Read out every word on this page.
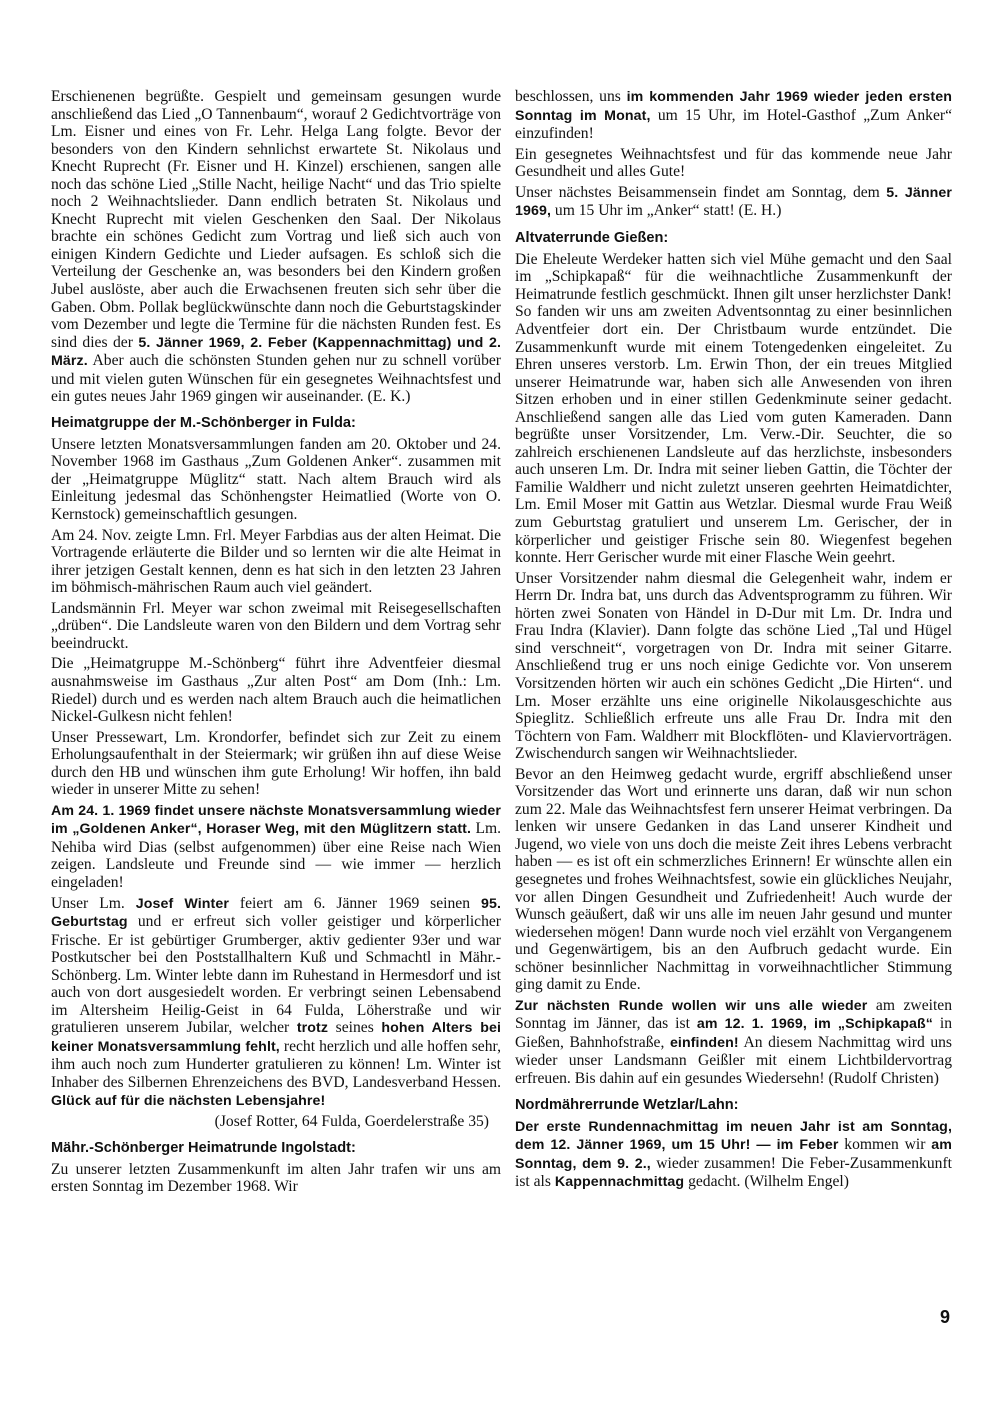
Erschienenen begrüßte. Gespielt und gemeinsam gesungen wurde anschließend das Lied „O Tannenbaum“, worauf 2 Gedichtvorträge von Lm. Eisner und eines von Fr. Lehr. Helga Lang folgte. Bevor der besonders von den Kindern sehnlichst erwartete St. Nikolaus und Knecht Ruprecht (Fr. Eisner und H. Kinzel) erschienen, sangen alle noch das schöne Lied „Stille Nacht, heilige Nacht“ und das Trio spielte noch 2 Weihnachtslieder. Dann endlich betraten St. Nikolaus und Knecht Ruprecht mit vielen Geschenken den Saal. Der Nikolaus brachte ein schönes Gedicht zum Vortrag und ließ sich auch von einigen Kindern Gedichte und Lieder aufsagen. Es schloß sich die Verteilung der Geschenke an, was besonders bei den Kindern großen Jubel auslöste, aber auch die Erwachsenen freuten sich sehr über die Gaben. Obm. Pollak beglückwünschte dann noch die Geburtstagskinder vom Dezember und legte die Termine für die nächsten Runden fest. Es sind dies der 5. Jänner 1969, 2. Feber (Kappennachmittag) und 2. März. Aber auch die schönsten Stunden gehen nur zu schnell vorüber und mit vielen guten Wünschen für ein gesegnetes Weihnachtsfest und ein gutes neues Jahr 1969 gingen wir auseinander. (E. K.)

Heimatgruppe der M.-Schönberger in Fulda:

Unsere letzten Monatsversammlungen fanden am 20. Oktober und 24. November 1968 im Gasthaus „Zum Goldenen Anker“. zusammen mit der „Heimatgruppe Müglitz“ statt. Nach altem Brauch wird als Einleitung jedesmal das Schönhengster Heimatlied (Worte von O. Kernstock) gemeinschaftlich gesungen.

Am 24. Nov. zeigte Lmn. Frl. Meyer Farbdias aus der alten Heimat. Die Vortragende erläuterte die Bilder und so lernten wir die alte Heimat in ihrer jetzigen Gestalt kennen, denn es hat sich in den letzten 23 Jahren im böhmisch-mährischen Raum auch viel geändert.

Landsmännin Frl. Meyer war schon zweimal mit Reisegesellschaften „drüben“. Die Landsleute waren von den Bildern und dem Vortrag sehr beeindruckt.

Die „Heimatgruppe M.-Schönberg“ führt ihre Adventfeier diesmal ausnahmsweise im Gasthaus „Zur alten Post“ am Dom (Inh.: Lm. Riedel) durch und es werden nach altem Brauch auch die heimatlichen Nickel-Gulkesn nicht fehlen!

Unser Pressewart, Lm. Krondorfer, befindet sich zur Zeit zu einem Erholungsaufenthalt in der Steiermark; wir grüßen ihn auf diese Weise durch den HB und wünschen ihm gute Erholung! Wir hoffen, ihn bald wieder in unserer Mitte zu sehen!

Am 24. 1. 1969 findet unsere nächste Monatsversammlung wieder im „Goldenen Anker“, Horaser Weg, mit den Müglitzern statt. Lm. Nehiba wird Dias (selbst aufgenommen) über eine Reise nach Wien zeigen. Landsleute und Freunde sind — wie immer — herzlich eingeladen!

Unser Lm. Josef Winter feiert am 6. Jänner 1969 seinen 95. Geburtstag und er erfreut sich voller geistiger und körperlicher Frische. Er ist gebürtiger Grumberger, aktiv gedienter 93er und war Postkutscher bei den Poststallhaltern Kuß und Schmachtl in Mähr.-Schönberg. Lm. Winter lebte dann im Ruhestand in Hermesdorf und ist auch von dort ausgesiedelt worden. Er verbringt seinen Lebensabend im Altersheim Heilig-Geist in 64 Fulda, Löherstraße und wir gratulieren unserem Jubilar, welcher trotz seines hohen Alters bei keiner Monatsversammlung fehlt, recht herzlich und alle hoffen sehr, ihm auch noch zum Hunderter gratulieren zu können! Lm. Winter ist Inhaber des Silbernen Ehrenzeichens des BVD, Landesverband Hessen. Glück auf für die nächsten Lebensjahre!

(Josef Rotter, 64 Fulda, Goerdelerstraße 35)

Mähr.-Schönberger Heimatrunde Ingolstadt:

Zu unserer letzten Zusammenkunft im alten Jahr trafen wir uns am ersten Sonntag im Dezember 1968. Wir

beschlossen, uns im kommenden Jahr 1969 wieder jeden ersten Sonntag im Monat, um 15 Uhr, im Hotel-Gasthof „Zum Anker“ einzufinden!

Ein gesegnetes Weihnachtsfest und für das kommende neue Jahr Gesundheit und alles Gute!

Unser nächstes Beisammensein findet am Sonntag, dem 5. Jänner 1969, um 15 Uhr im „Anker“ statt! (E. H.)

Altvaterrunde Gießen:

Die Eheleute Werdeker hatten sich viel Mühe gemacht und den Saal im „Schipkapaß“ für die weihnachtliche Zusammenkunft der Heimatrunde festlich geschmückt. Ihnen gilt unser herzlichster Dank! So fanden wir uns am zweiten Adventsonntag zu einer besinnlichen Adventfeier dort ein. Der Christbaum wurde entzündet. Die Zusammenkunft wurde mit einem Totengedenken eingeleitet. Zu Ehren unseres verstorb. Lm. Erwin Thon, der ein treues Mitglied unserer Heimatrunde war, haben sich alle Anwesenden von ihren Sitzen erhoben und in einer stillen Gedenkminute seiner gedacht. Anschließend sangen alle das Lied vom guten Kameraden. Dann begrüßte unser Vorsitzender, Lm. Verw.-Dir. Seuchter, die so zahlreich erschienenen Landsleute auf das herzlichste, insbesonders auch unseren Lm. Dr. Indra mit seiner lieben Gattin, die Töchter der Familie Waldherr und nicht zuletzt unseren geehrten Heimatdichter, Lm. Emil Moser mit Gattin aus Wetzlar. Diesmal wurde Frau Weiß zum Geburtstag gratuliert und unserem Lm. Gerischer, der in körperlicher und geistiger Frische sein 80. Wiegenfest begehen konnte. Herr Gerischer wurde mit einer Flasche Wein geehrt.

Unser Vorsitzender nahm diesmal die Gelegenheit wahr, indem er Herrn Dr. Indra bat, uns durch das Adventsprogramm zu führen. Wir hörten zwei Sonaten von Händel in D-Dur mit Lm. Dr. Indra und Frau Indra (Klavier). Dann folgte das schöne Lied „Tal und Hügel sind verschneit“, vorgetragen von Dr. Indra mit seiner Gitarre. Anschließend trug er uns noch einige Gedichte vor. Von unserem Vorsitzenden hörten wir auch ein schönes Gedicht „Die Hirten“. und Lm. Moser erzählte uns eine originelle Nikolausgeschichte aus Spieglitz. Schließlich erfreute uns alle Frau Dr. Indra mit den Töchtern von Fam. Waldherr mit Blockflöten- und Klaviervorträgen. Zwischendurch sangen wir Weihnachtslieder.

Bevor an den Heimweg gedacht wurde, ergriff abschließend unser Vorsitzender das Wort und erinnerte uns daran, daß wir nun schon zum 22. Male das Weihnachtsfest fern unserer Heimat verbringen. Da lenken wir unsere Gedanken in das Land unserer Kindheit und Jugend, wo viele von uns doch die meiste Zeit ihres Lebens verbracht haben — es ist oft ein schmerzliches Erinnern! Er wünschte allen ein gesegnetes und frohes Weihnachtsfest, sowie ein glückliches Neujahr, vor allen Dingen Gesundheit und Zufriedenheit! Auch wurde der Wunsch geäußert, daß wir uns alle im neuen Jahr gesund und munter wiedersehen mögen! Dann wurde noch viel erzählt von Vergangenem und Gegenwärtigem, bis an den Aufbruch gedacht wurde. Ein schöner besinnlicher Nachmittag in vorweihnachtlicher Stimmung ging damit zu Ende.

Zur nächsten Runde wollen wir uns alle wieder am zweiten Sonntag im Jänner, das ist am 12. 1. 1969, im „Schipkapaß“ in Gießen, Bahnhofstraße, einfinden! An diesem Nachmittag wird uns wieder unser Landsmann Geißler mit einem Lichtbildervortrag erfreuen. Bis dahin auf ein gesundes Wiedersehn! (Rudolf Christen)

Nordmährerrunde Wetzlar/Lahn:

Der erste Rundennachmittag im neuen Jahr ist am Sonntag, dem 12. Jänner 1969, um 15 Uhr! — im Feber kommen wir am Sonntag, dem 9. 2., wieder zusammen! Die Feber-Zusammenkunft ist als Kappennachmittag gedacht. (Wilhelm Engel)

9
